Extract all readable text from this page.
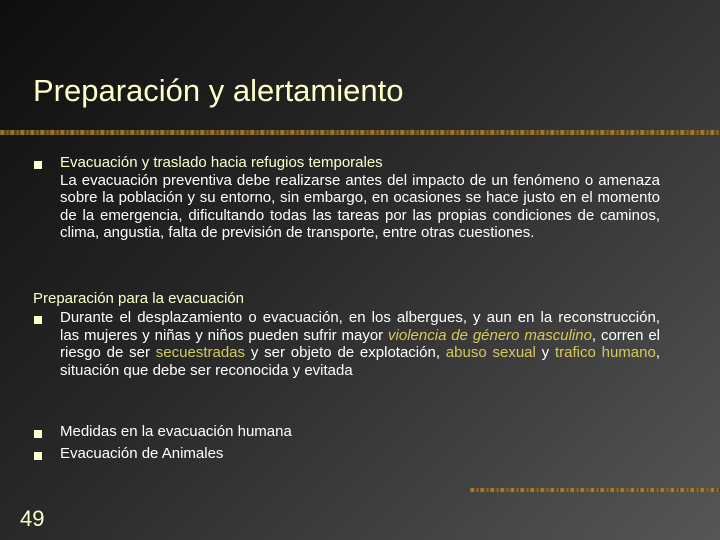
Preparación y alertamiento
Evacuación y traslado hacia refugios temporales
La evacuación preventiva debe realizarse antes del impacto de un fenómeno o amenaza sobre la población y su entorno, sin embargo, en ocasiones se hace justo en el momento de la emergencia, dificultando todas las tareas por las propias condiciones de caminos, clima, angustia, falta de previsión de transporte, entre otras cuestiones.
Preparación para la evacuación
Durante el desplazamiento o evacuación, en los albergues, y aun en la reconstrucción, las mujeres y niñas y niños pueden sufrir mayor violencia de género masculino, corren el riesgo de ser secuestradas y ser objeto de explotación, abuso sexual y trafico humano, situación que debe ser reconocida y evitada
Medidas en la evacuación humana
Evacuación de Animales
49
